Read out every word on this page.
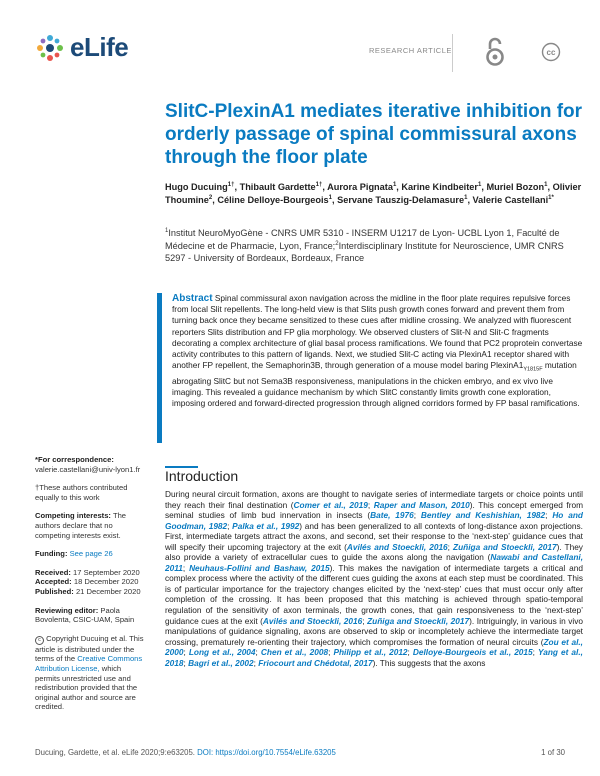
eLife	RESEARCH ARTICLE	cc
SlitC-PlexinA1 mediates iterative inhibition for orderly passage of spinal commissural axons through the floor plate

Hugo Ducuing$^{1\dagger}$, Thibault Gardette$^{1\dagger}$, Aurora Pignata$^1$, Karine Kindbeiter$^1$, Muriel Bozon$^1$, Olivier Thoumine$^2$, Céline Delloye-Bourgeois$^1$, Servane Tauszig-Delamasure$^1$, Valerie Castellani$^{1*}$

$^1$Institut NeuroMyoGène - CNRS UMR 5310 - INSERM U1217 de Lyon- UCBL Lyon 1, Faculté de Médecine et de Pharmacie, Lyon, France;$^2$Interdisciplinary Institute for Neuroscience, UMR CNRS 5297 - University of Bordeaux, Bordeaux, France

Abstract Spinal commissural axon navigation across the midline in the floor plate requires repulsive forces from local Slit repellents. The long-held view is that Slits push growth cones forward and prevent them from turning back once they became sensitized to these cues after midline crossing. We analyzed with fluorescent reporters Slits distribution and FP glia morphology. We observed clusters of Slit-N and Slit-C fragments decorating a complex architecture of glial basal process ramifications. We found that PC2 proprotein convertase activity contributes to this pattern of ligands. Next, we studied Slit-C acting via PlexinA1 receptor shared with another FP repellent, the Semaphorin3B, through generation of a mouse model baring $PlexinA1_{Y1815F}$ mutation abrogating SlitC but not Sema3B responsiveness, manipulations in the chicken embryo, and ex vivo live imaging. This revealed a guidance mechanism by which SlitC constantly limits growth cone exploration, imposing ordered and forward-directed progression through aligned corridors formed by FP basal ramifications.

*For correspondence:
valerie.castellani@univ-lyon1.fr

†These authors contributed equally to this work

Competing interests: The authors declare that no competing interests exist.

Funding: See page 26

Received: 17 September 2020
Accepted: 18 December 2020
Published: 21 December 2020

Reviewing editor: Paola Bovolenta, CSIC-UAM, Spain

c Copyright Ducuing et al. This article is distributed under the terms of the Creative Commons Attribution License, which permits unrestricted use and redistribution provided that the original author and source are credited.

Introduction

During neural circuit formation, axons are thought to navigate series of intermediate targets or choice points until they reach their final destination (Comer et al., 2019; Raper and Mason, 2010). This concept emerged from seminal studies of limb bud innervation in insects (Bate, 1976; Bentley and Keshishian, 1982; Ho and Goodman, 1982; Palka et al., 1992) and has been generalized to all contexts of long-distance axon projections. First, intermediate targets attract the axons, and second, set their response to the ‘next-step’ guidance cues that will specify their upcoming trajectory at the exit (Avilés and Stoeckli, 2016; Zuñiga and Stoeckli, 2017). They also provide a variety of extracellular cues to guide the axons along the navigation (Nawabi and Castellani, 2011; Neuhaus-Follini and Bashaw, 2015). This makes the navigation of intermediate targets a critical and complex process where the activity of the different cues guiding the axons at each step must be coordinated. This is of particular importance for the trajectory changes elicited by the ‘next-step’ cues that must occur only after completion of the crossing. It has been proposed that this matching is achieved through spatio-temporal regulation of the sensitivity of axon terminals, the growth cones, that gain responsiveness to the ‘next-step’ guidance cues at the exit (Avilés and Stoeckli, 2016; Zuñiga and Stoeckli, 2017). Intriguingly, in various in vivo manipulations of guidance signaling, axons are observed to skip or incompletely achieve the intermediate target crossing, prematurely re-orienting their trajectory, which compromises the formation of neural circuits (Zou et al., 2000; Long et al., 2004; Chen et al., 2008; Philipp et al., 2012; Delloye-Bourgeois et al., 2015; Yang et al., 2018; Bagri et al., 2002; Friocourt and Chédotal, 2017). This suggests that the axons

Ducuing, Gardette, et al. eLife 2020;9:e63205. DOI: https://doi.org/10.7554/eLife.63205	1 of 30
